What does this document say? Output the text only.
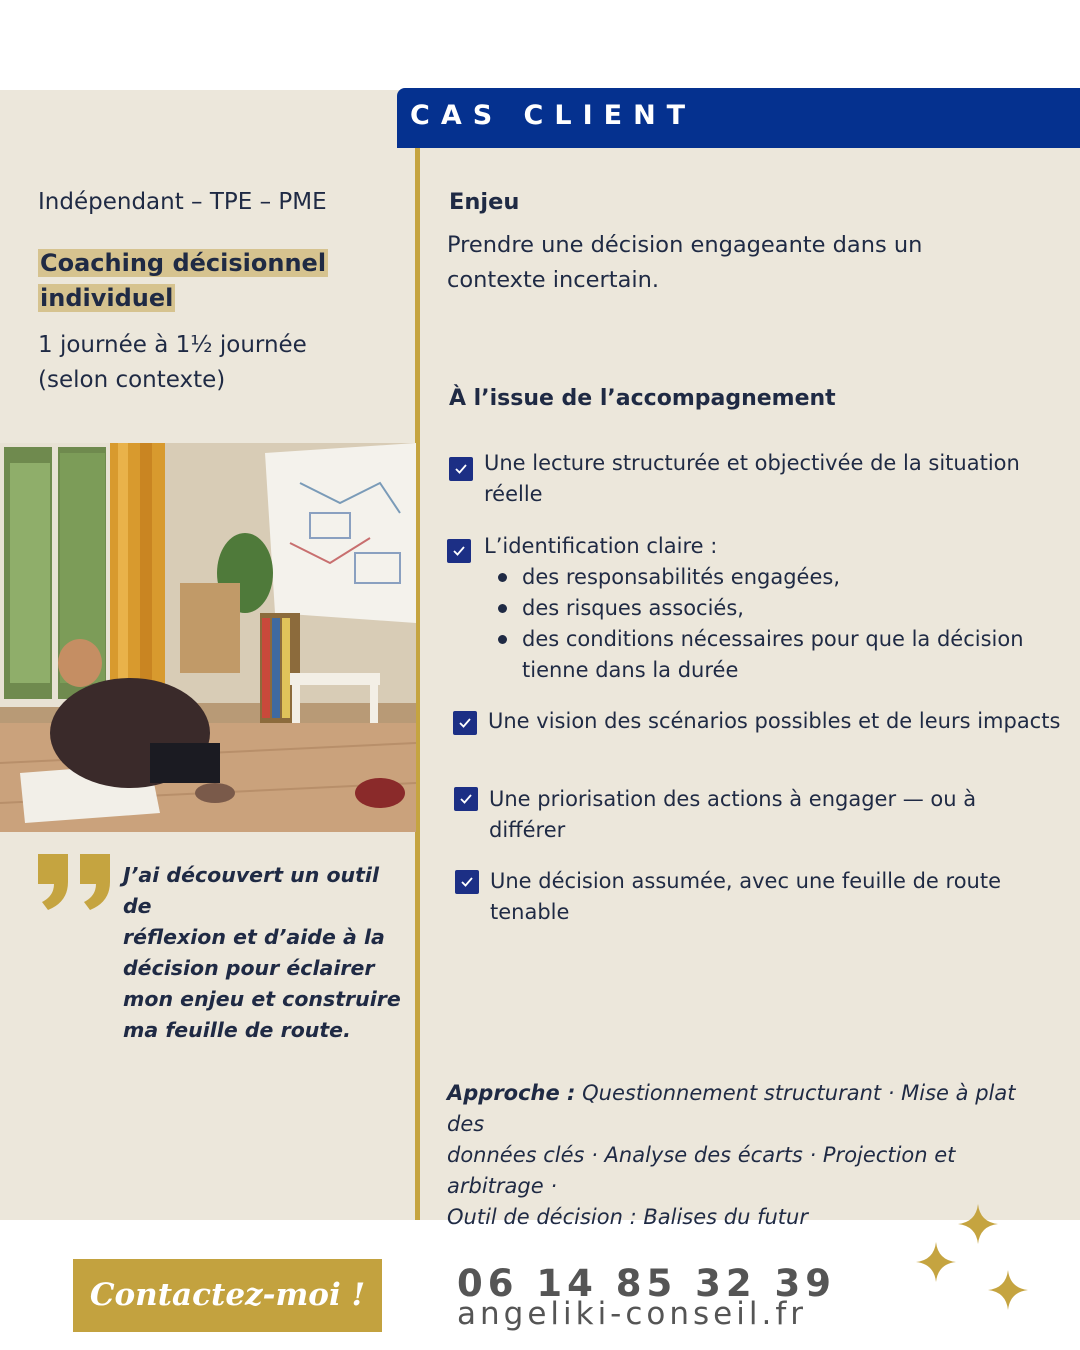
CAS CLIENT
Indépendant – TPE – PME
Coaching décisionnel
individuel
1 journée à 1½ journée
(selon contexte)
J’ai découvert un outil de
réflexion et d’aide à la
décision pour éclairer
mon enjeu et construire
ma feuille de route.
Enjeu
Prendre une décision engageante dans un
contexte incertain.
À l’issue de l’accompagnement
Une lecture structurée et objectivée de la situation
réelle
L’identification claire :
des responsabilités engagées,
des risques associés,
des conditions nécessaires pour que la décision
tienne dans la durée
Une vision des scénarios possibles et de leurs impacts
Une priorisation des actions à engager — ou à
différer
Une décision assumée, avec une feuille de route
tenable
Approche : Questionnement structurant · Mise à plat des
données clés · Analyse des écarts · Projection et arbitrage ·
Outil de décision : Balises du futur
Contactez-moi !	06 14 85 32 39
angeliki-conseil.fr
